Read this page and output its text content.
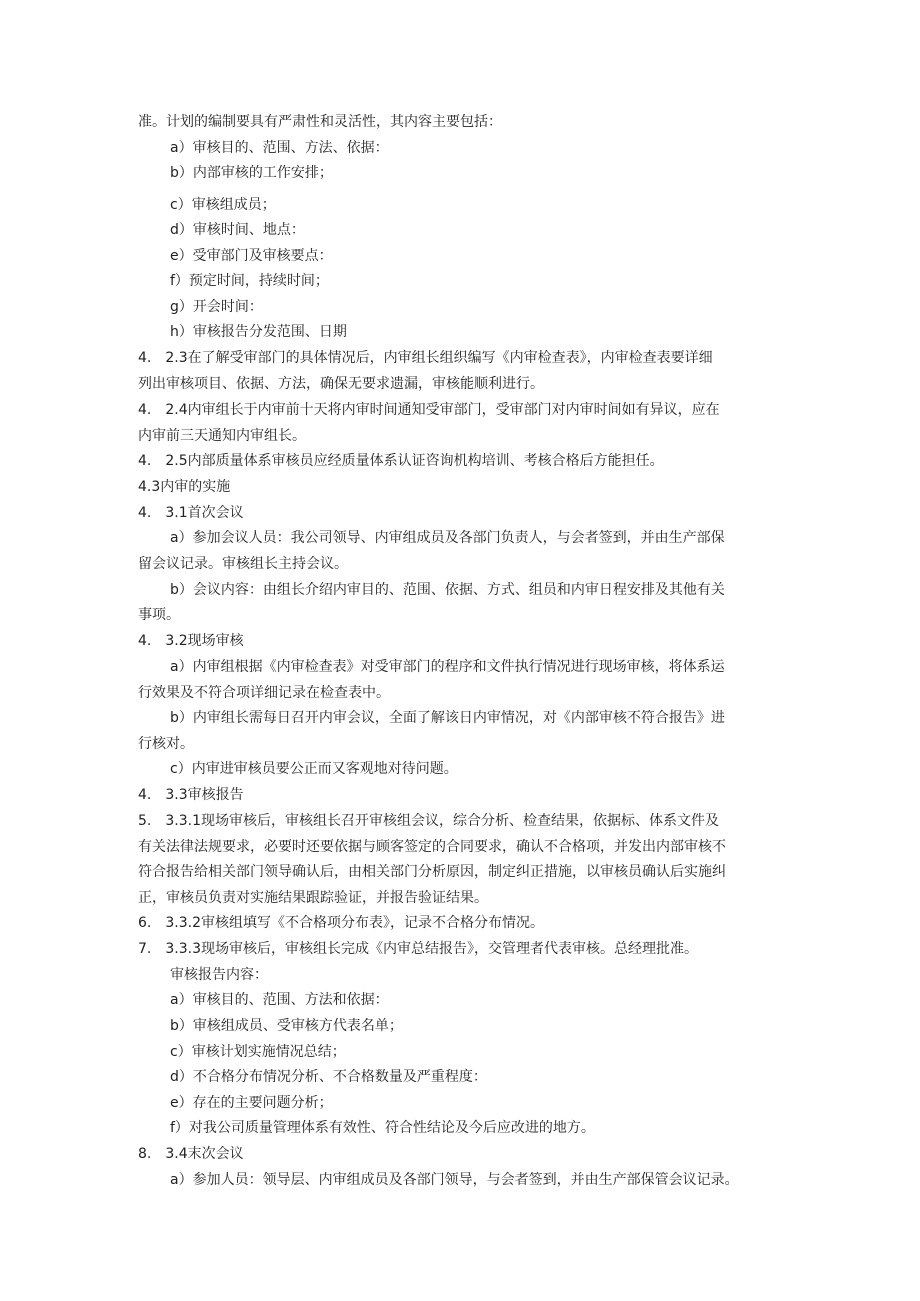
准。计划的编制要具有严肃性和灵活性，其内容主要包括：
a）审核目的、范围、方法、依据：
b）内部审核的工作安排；
c）审核组成员；
d）审核时间、地点：
e）受审部门及审核要点：
f）预定时间，持续时间；
g）开会时间：
h）审核报告分发范围、日期
4.　2.3在了解受审部门的具体情况后，内审组长组织编写《内审检查表》，内审检查表要详细
列出审核项目、依据、方法，确保无要求遗漏，审核能顺利进行。
4.　2.4内审组长于内审前十天将内审时间通知受审部门，受审部门对内审时间如有异议，应在
内审前三天通知内审组长。
4.　2.5内部质量体系审核员应经质量体系认证咨询机构培训、考核合格后方能担任。
4.3内审的实施
4.　3.1首次会议
a）参加会议人员：我公司领导、内审组成员及各部门负责人，与会者签到，并由生产部保
留会议记录。审核组长主持会议。
b）会议内容：由组长介绍内审目的、范围、依据、方式、组员和内审日程安排及其他有关
事项。
4.　3.2现场审核
a）内审组根据《内审检查表》对受审部门的程序和文件执行情况进行现场审核，将体系运
行效果及不符合项详细记录在检查表中。
b）内审组长需每日召开内审会议，全面了解该日内审情况，对《内部审核不符合报告》进
行核对。
c）内审进审核员要公正而又客观地对待问题。
4.　3.3审核报告
5.　3.3.1现场审核后，审核组长召开审核组会议，综合分析、检查结果，依据标、体系文件及
有关法律法规要求，必要时还要依据与顾客签定的合同要求，确认不合格项，并发出内部审核不
符合报告给相关部门领导确认后，由相关部门分析原因，制定纠正措施，以审核员确认后实施纠
正，审核员负责对实施结果跟踪验证，并报告验证结果。
6.　3.3.2审核组填写《不合格项分布表》，记录不合格分布情况。
7.　3.3.3现场审核后，审核组长完成《内审总结报告》，交管理者代表审核。总经理批准。
审核报告内容：
a）审核目的、范围、方法和依据：
b）审核组成员、受审核方代表名单；
c）审核计划实施情况总结；
d）不合格分布情况分析、不合格数量及严重程度：
e）存在的主要问题分析；
f）对我公司质量管理体系有效性、符合性结论及今后应改进的地方。
8.　3.4末次会议
a）参加人员：领导层、内审组成员及各部门领导，与会者签到，并由生产部保管会议记录。
